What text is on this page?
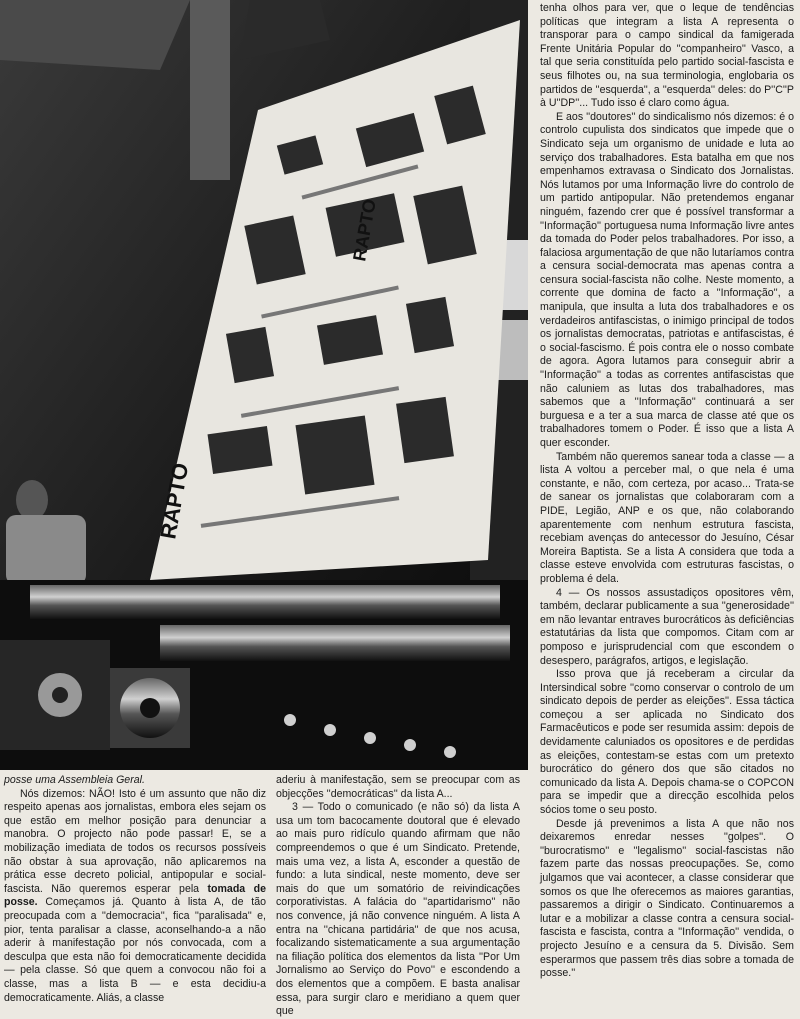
RAPTO
RAPTO

tenha olhos para ver, que o leque de tendências políticas que integram a lista A representa o transporar para o campo sindical da famigerada Frente Unitária Popular do ''companheiro'' Vasco, a tal que seria constituída pelo partido social-fascista e seus filhotes ou, na sua terminologia, englobaria os partidos de ''esquerda'', a ''esquerda'' deles: do P''C''P à U''DP''... Tudo isso é claro como água.

E aos ''doutores'' do sindicalismo nós dizemos: é o controlo cupulista dos sindicatos que impede que o Sindicato seja um organismo de unidade e luta ao serviço dos trabalhadores. Esta batalha em que nos empenhamos extravasa o Sindicato dos Jornalistas. Nós lutamos por uma Informação livre do controlo de um partido antipopular. Não pretendemos enganar ninguém, fazendo crer que é possível transformar a ''Informação'' portuguesa numa Informação livre antes da tomada do Poder pelos trabalhadores. Por isso, a falaciosa argumentação de que não lutaríamos contra a censura social-democrata mas apenas contra a censura social-fascista não colhe. Neste momento, a corrente que domina de facto a ''Informação'', a manipula, que insulta a luta dos trabalhadores e os verdadeiros antifascistas, o inimigo principal de todos os jornalistas democratas, patriotas e antifascistas, é o social-fascismo. É pois contra ele o nosso combate de agora. Agora lutamos para conseguir abrir a ''Informação'' a todas as correntes antifascistas que não caluniem as lutas dos trabalhadores, mas sabemos que a ''Informação'' continuará a ser burguesa e a ter a sua marca de classe até que os trabalhadores tomem o Poder. É isso que a lista A quer esconder.

Também não queremos sanear toda a classe — a lista A voltou a perceber mal, o que nela é uma constante, e não, com certeza, por acaso... Trata-se de sanear os jornalistas que colaboraram com a PIDE, Legião, ANP e os que, não colaborando aparentemente com nenhum estrutura fascista, recebiam avenças do antecessor do Jesuíno, César Moreira Baptista. Se a lista A considera que toda a classe esteve envolvida com estruturas fascistas, o problema é dela.

4 — Os nossos assustadiços opositores vêm, também, declarar publicamente a sua ''generosidade'' em não levantar entraves burocráticos às deficiências estatutárias da lista que compomos. Citam com ar pomposo e jurisprudencial com que escondem o desespero, parágrafos, artigos, e legislação.

Isso prova que já receberam a circular da Intersindical sobre ''como conservar o controlo de um sindicato depois de perder as eleições''. Essa táctica começou a ser aplicada no Sindicato dos Farmacêuticos e pode ser resumida assim: depois de devidamente caluniados os opositores e de perdidas as eleições, contestam-se estas com um pretexto burocrático do género dos que são citados no comunicado da lista A. Depois chama-se o COPCON para se impedir que a direcção escolhida pelos sócios tome o seu posto.

Desde já prevenimos a lista A que não nos deixaremos enredar nesses ''golpes''. O ''burocratismo'' e ''legalismo'' social-fascistas não fazem parte das nossas preocupações. Se, como julgamos que vai acontecer, a classe considerar que somos os que lhe oferecemos as maiores garantias, passaremos a dirigir o Sindicato. Continuaremos a lutar e a mobilizar a classe contra a censura social-fascista e fascista, contra a ''Informação'' vendida, o projecto Jesuíno e a censura da 5. Divisão. Sem esperarmos que passem três dias sobre a tomada de posse.''

posse uma Assembleia Geral.

Nós dizemos: NÃO! Isto é um assunto que não diz respeito apenas aos jornalistas, embora eles sejam os que estão em melhor posição para denunciar a manobra. O projecto não pode passar! E, se a mobilização imediata de todos os recursos possíveis não obstar à sua aprovação, não aplicaremos na prática esse decreto policial, antipopular e social-fascista. Não queremos esperar pela tomada de posse. Começamos já. Quanto à lista A, de tão preocupada com a ''democracia'', fica ''paralisada'' e, pior, tenta paralisar a classe, aconselhando-a a não aderir à manifestação por nós convocada, com a desculpa que esta não foi democraticamente decidida — pela classe. Só que quem a convocou não foi a classe, mas a lista B — e esta decidiu-a democraticamente. Aliás, a classe

aderiu à manifestação, sem se preocupar com as objecções ''democráticas'' da lista A...

3 — Todo o comunicado (e não só) da lista A usa um tom bacocamente doutoral que é elevado ao mais puro ridículo quando afirmam que não compreendemos o que é um Sindicato. Pretende, mais uma vez, a lista A, esconder a questão de fundo: a luta sindical, neste momento, deve ser mais do que um somatório de reivindicações corporativistas. A falácia do ''apartidarismo'' não nos convence, já não convence ninguém. A lista A entra na ''chicana partidária'' de que nos acusa, focalizando sistematicamente a sua argumentação na filiação política dos elementos da lista ''Por Um Jornalismo ao Serviço do Povo'' e escondendo a dos elementos que a compõem. E basta analisar essa, para surgir claro e meridiano a quem quer que
